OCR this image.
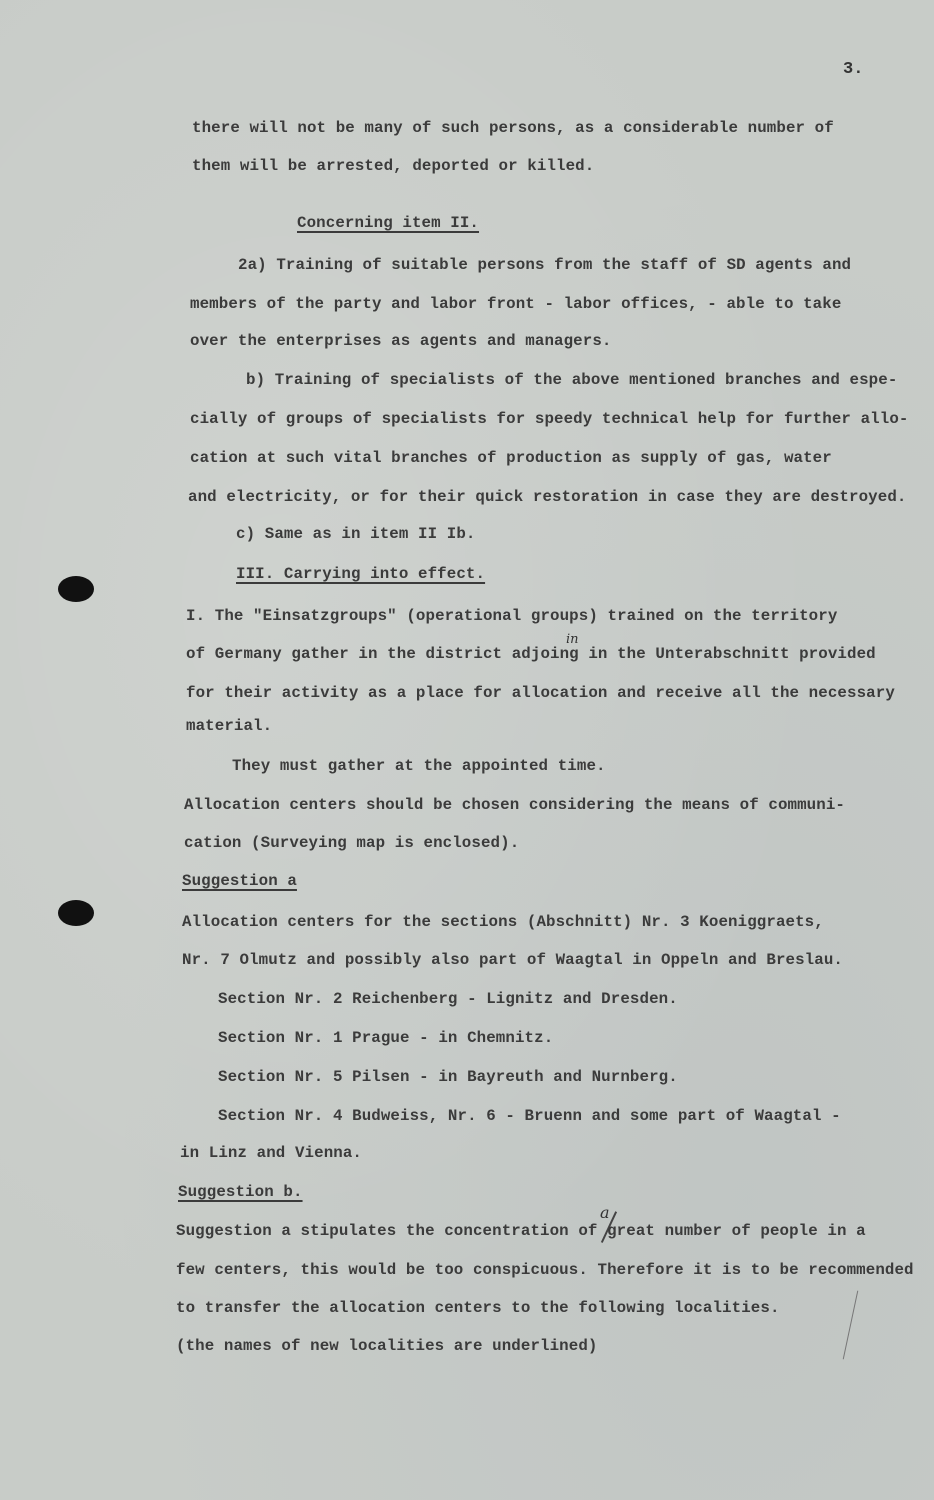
3.
there will not be many of such persons, as a considerable number of
them will be arrested, deported or killed.
Concerning item II.
2a) Training of suitable persons from the staff of SD agents and
members of the party and labor front - labor offices, - able to take
over the enterprises as agents and managers.
b) Training of specialists of the above mentioned branches and espe-
cially of groups of specialists for speedy technical help for further allo-
cation at such vital branches of production as supply of gas, water
and electricity, or for their quick restoration in case they are destroyed.
c) Same as in item II Ib.
III. Carrying into effect.
I. The "Einsatzgroups" (operational groups) trained on the territory
of Germany gather in the district adjoing in the Unterabschnitt provided
in
for their activity as a place for allocation and receive all the necessary
material.
They must gather at the appointed time.
Allocation centers should be chosen considering the means of communi-
cation (Surveying map is enclosed).
Suggestion a
Allocation centers for the sections (Abschnitt) Nr. 3 Koeniggraets,
Nr. 7 Olmutz and possibly also part of Waagtal in Oppeln and Breslau.
Section Nr. 2 Reichenberg - Lignitz and Dresden.
Section Nr. 1 Prague - in Chemnitz.
Section Nr. 5 Pilsen - in Bayreuth and Nurnberg.
Section Nr. 4 Budweiss, Nr. 6 - Bruenn and some part of Waagtal -
in Linz and Vienna.
Suggestion b.
a
Suggestion a stipulates the concentration of great number of people in a
few centers, this would be too conspicuous. Therefore it is to be recommended
to transfer the allocation centers to the following localities.
(the names of new localities are underlined)
